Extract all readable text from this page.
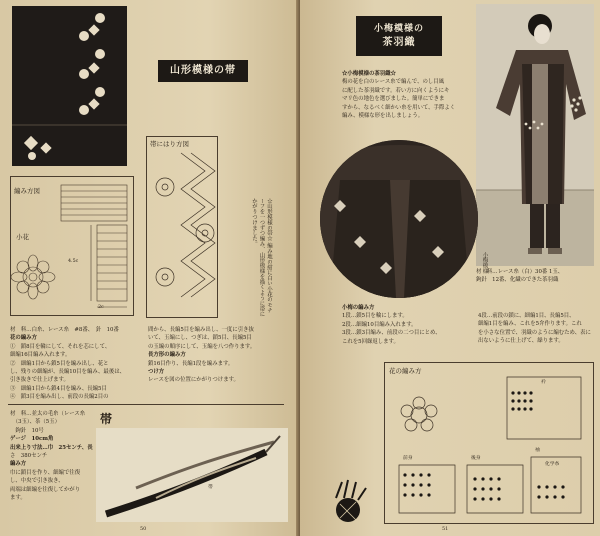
山形模様の帯
編み方図
小花
4.5c
2c
帯にはり方図
☆山形模様の帯☆ 編み地の紺に白い小花のモチーフを一つずつ編み、山形模様を描くように帯にかがりつけました。
材　料…白糸、レース糸　#8番、　針　10番
花の編み方
①　鎖8目を輪にして、それを芯にして、
細編16目編み入れます。
②　細編1目から鎖5目を編み出し、花と
し、残りの細編が、長編10目を編み、最後は、
引き抜きで仕上げます。
③　細編1目から鎖4目を編み、長編5目
④　鎖3目を編み出し、前段の長編2目の
間から、長編5目を編み出し、一度に引き抜
いて、玉編にし、つぎは、鎖5目、長編5目
の玉編の順序にして、玉編を八つ作ります。
長方形の編み方
鎖16目作り、長編1段を編みます。
つけ方
レースを図の位置にかがりつけます。
材　料…並太の毛糸（レース糸
　（3玉）、茶（5玉）
　鉤針　10号
ゲージ　10cm角
出来上り寸法…巾　25センチ、長
さ　380センチ
編み方
巾に鎖目を作り、細編で往復
し、中央で引き抜き、
両端は細編を往復してかがり
ます。
帯
帯
50
小梅模様の
茶羽織
☆小梅模様の茶羽織☆
梅の花を白のレース糸で編んで、のし目風
に配した茶羽織です。若い方に向くようにキ
マリ色の地色を選びました。簡単にできま
すから、なるべく細かい糸を用いて、手際よく
編み、模様な形を出しましょう。
小梅模様
小梅の編み方
1段…鎖5目を輪にします。
2段…細編10目編み入れます。
3段…鎖3目編み、前段の二つ目にとめ、
これを5回繰返します。
4段…前段の鎖に、細編1目、長編5目、
細編1目を編み、これを5弁作ります。これ
を小さな位置で、羽織のように編むため、表に
出ないように仕上げて、繰ります。
材　料…レース糸（白）30番 1玉、
鉤針　12番、化繊のできた茶羽織
花の編み方
衿
前身	後身
袖
化学糸
51
